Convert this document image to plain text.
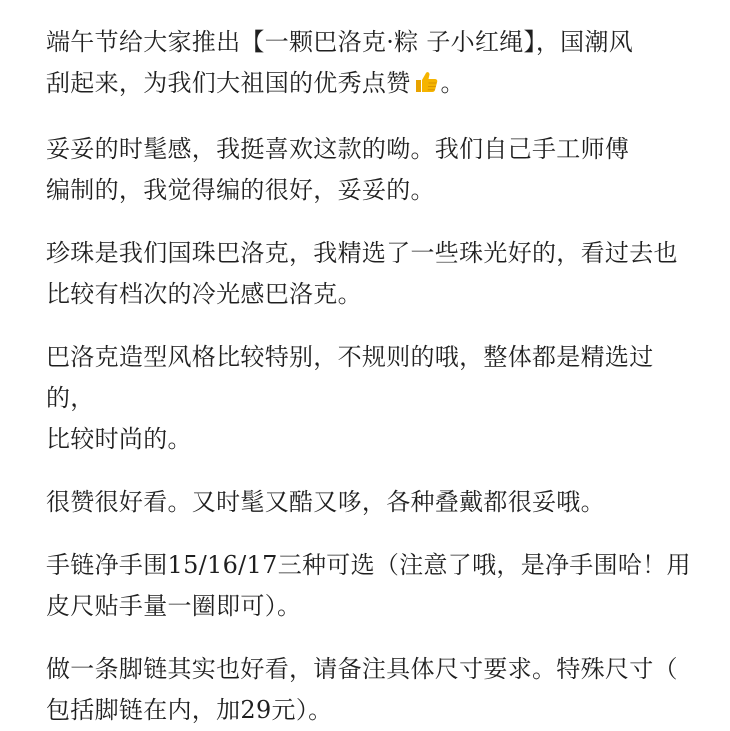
端午节给大家推出【一颗巴洛克·粽 子小红绳】，国潮风
刮起来，为我们大祖国的优秀点赞 。

妥妥的时髦感，我挺喜欢这款的呦。我们自己手工师傅
编制的，我觉得编的很好，妥妥的。

珍珠是我们国珠巴洛克，我精选了一些珠光好的，看过去也
比较有档次的冷光感巴洛克。

巴洛克造型风格比较特别，不规则的哦，整体都是精选过的，
比较时尚的。

很赞很好看。又时髦又酷又哆，各种叠戴都很妥哦。

手链净手围15/16/17三种可选（注意了哦，是净手围哈！用
皮尺贴手量一圈即可）。

做一条脚链其实也好看，请备注具体尺寸要求。特殊尺寸（
包括脚链在内，加29元）。
